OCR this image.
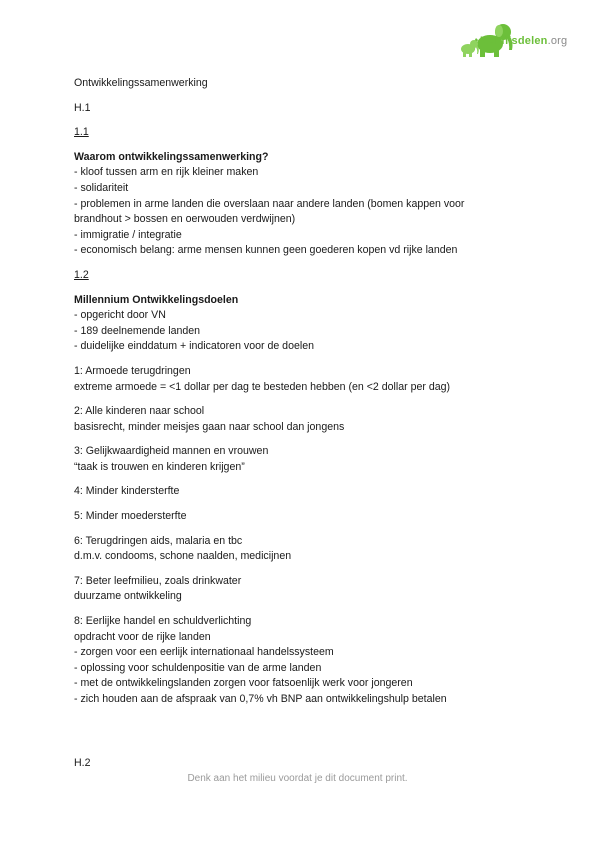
Kennisdelen.org

Ontwikkelingssamenwerking

H.1

1.1

Waarom ontwikkelingssamenwerking?

- kloof tussen arm en rijk kleiner maken

- solidariteit

- problemen in arme landen die overslaan naar andere landen (bomen kappen voor

brandhout > bossen en oerwouden verdwijnen)

- immigratie / integratie

- economisch belang: arme mensen kunnen geen goederen kopen vd rijke landen

1.2

Millennium Ontwikkelingsdoelen

- opgericht door VN

- 189 deelnemende landen

- duidelijke einddatum + indicatoren voor de doelen

1: Armoede terugdringen

extreme armoede = <1 dollar per dag te besteden hebben (en <2 dollar per dag)

2: Alle kinderen naar school

basisrecht, minder meisjes gaan naar school dan jongens

3: Gelijkwaardigheid mannen en vrouwen

“taak is trouwen en kinderen krijgen”

4: Minder kindersterfte

5: Minder moedersterfte

6: Terugdringen aids, malaria en tbc

d.m.v. condooms, schone naalden, medicijnen

7: Beter leefmilieu, zoals drinkwater

duurzame ontwikkeling

8: Eerlijke handel en schuldverlichting

opdracht voor de rijke landen

- zorgen voor een eerlijk internationaal handelssysteem

- oplossing voor schuldenpositie van de arme landen

- met de ontwikkelingslanden zorgen voor fatsoenlijk werk voor jongeren

- zich houden aan de afspraak van 0,7% vh BNP aan ontwikkelingshulp betalen

H.2

Denk aan het milieu voordat je dit document print.
